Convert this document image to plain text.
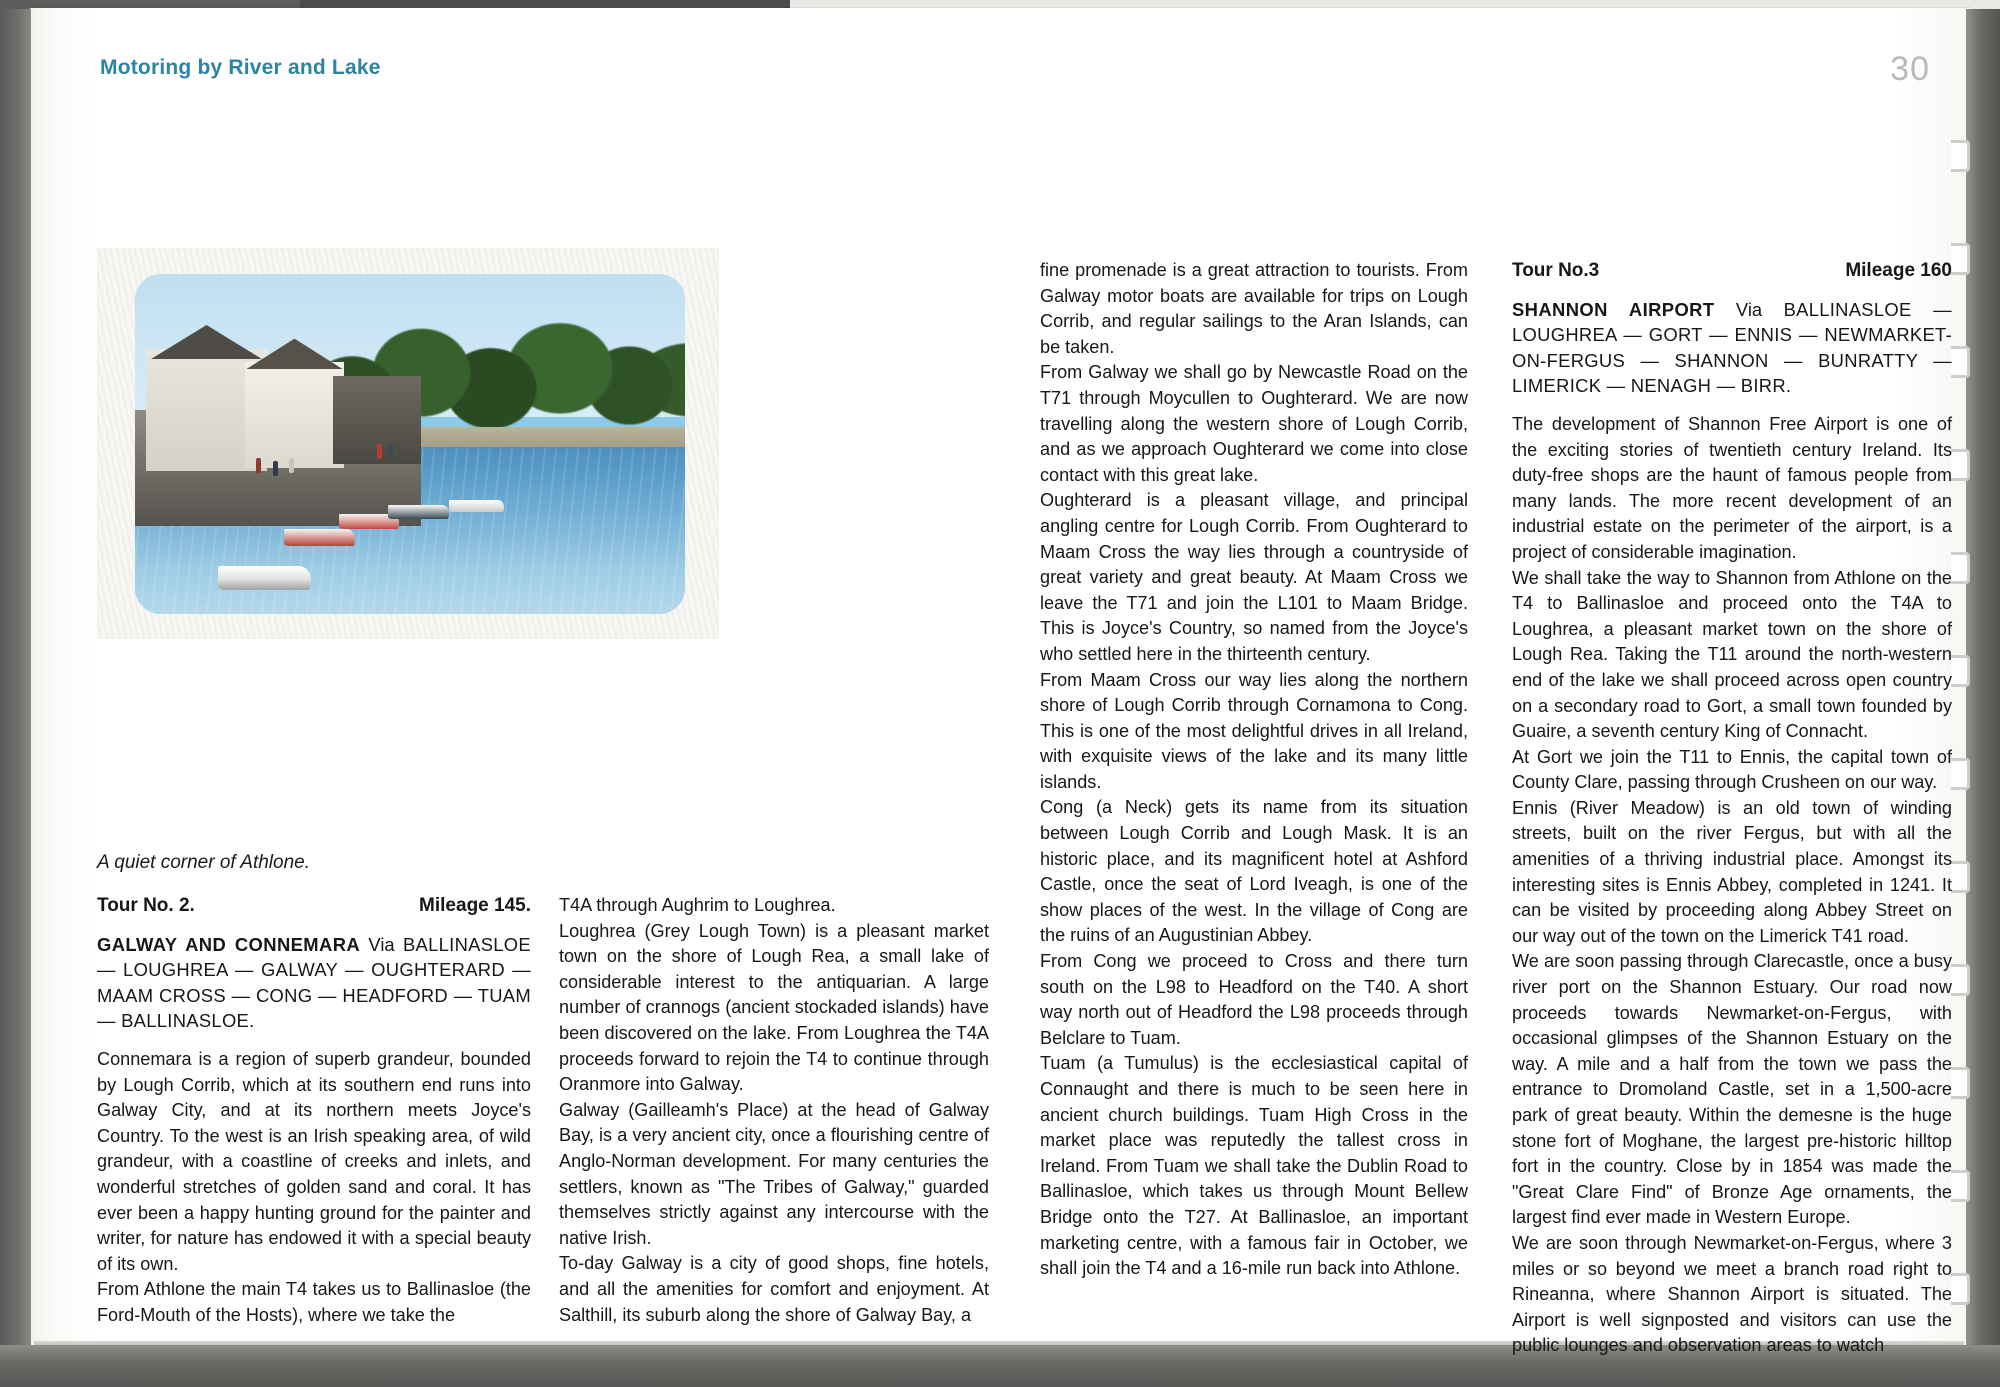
Motoring by River and Lake	30
A quiet corner of Athlone.
Tour No. 2.	Mileage 145.
GALWAY AND CONNEMARA Via BALLINASLOE — LOUGHREA — GALWAY — OUGHTERARD — MAAM CROSS — CONG — HEADFORD — TUAM — BALLINASLOE.

Connemara is a region of superb grandeur, bounded by Lough Corrib, which at its southern end runs into Galway City, and at its northern meets Joyce's Country. To the west is an Irish speaking area, of wild grandeur, with a coastline of creeks and inlets, and wonderful stretches of golden sand and coral. It has ever been a happy hunting ground for the painter and writer, for nature has endowed it with a special beauty of its own.

From Athlone the main T4 takes us to Ballinasloe (the Ford-Mouth of the Hosts), where we take the

T4A through Aughrim to Loughrea.

Loughrea (Grey Lough Town) is a pleasant market town on the shore of Lough Rea, a small lake of considerable interest to the antiquarian. A large number of crannogs (ancient stockaded islands) have been discovered on the lake. From Loughrea the T4A proceeds forward to rejoin the T4 to continue through Oranmore into Galway.

Galway (Gailleamh's Place) at the head of Galway Bay, is a very ancient city, once a flourishing centre of Anglo-Norman development. For many centuries the settlers, known as "The Tribes of Galway," guarded themselves strictly against any intercourse with the native Irish.

To-day Galway is a city of good shops, fine hotels, and all the amenities for comfort and enjoyment. At Salthill, its suburb along the shore of Galway Bay, a

fine promenade is a great attraction to tourists. From Galway motor boats are available for trips on Lough Corrib, and regular sailings to the Aran Islands, can be taken.

From Galway we shall go by Newcastle Road on the T71 through Moycullen to Oughterard. We are now travelling along the western shore of Lough Corrib, and as we approach Oughterard we come into close contact with this great lake.

Oughterard is a pleasant village, and principal angling centre for Lough Corrib. From Oughterard to Maam Cross the way lies through a countryside of great variety and great beauty. At Maam Cross we leave the T71 and join the L101 to Maam Bridge. This is Joyce's Country, so named from the Joyce's who settled here in the thirteenth century.

From Maam Cross our way lies along the northern shore of Lough Corrib through Cornamona to Cong. This is one of the most delightful drives in all Ireland, with exquisite views of the lake and its many little islands.

Cong (a Neck) gets its name from its situation between Lough Corrib and Lough Mask. It is an historic place, and its magnificent hotel at Ashford Castle, once the seat of Lord Iveagh, is one of the show places of the west. In the village of Cong are the ruins of an Augustinian Abbey.

From Cong we proceed to Cross and there turn south on the L98 to Headford on the T40. A short way north out of Headford the L98 proceeds through Belclare to Tuam.

Tuam (a Tumulus) is the ecclesiastical capital of Connaught and there is much to be seen here in ancient church buildings. Tuam High Cross in the market place was reputedly the tallest cross in Ireland. From Tuam we shall take the Dublin Road to Ballinasloe, which takes us through Mount Bellew Bridge onto the T27. At Ballinasloe, an important marketing centre, with a famous fair in October, we shall join the T4 and a 16-mile run back into Athlone.

Tour No.3	Mileage 160
SHANNON AIRPORT Via BALLINASLOE — LOUGHREA — GORT — ENNIS — NEWMARKET-ON-FERGUS — SHANNON — BUNRATTY — LIMERICK — NENAGH — BIRR.

The development of Shannon Free Airport is one of the exciting stories of twentieth century Ireland. Its duty-free shops are the haunt of famous people from many lands. The more recent development of an industrial estate on the perimeter of the airport, is a project of considerable imagination.

We shall take the way to Shannon from Athlone on the T4 to Ballinasloe and proceed onto the T4A to Loughrea, a pleasant market town on the shore of Lough Rea. Taking the T11 around the north-western end of the lake we shall proceed across open country on a secondary road to Gort, a small town founded by Guaire, a seventh century King of Connacht.

At Gort we join the T11 to Ennis, the capital town of County Clare, passing through Crusheen on our way.

Ennis (River Meadow) is an old town of winding streets, built on the river Fergus, but with all the amenities of a thriving industrial place. Amongst its interesting sites is Ennis Abbey, completed in 1241. It can be visited by proceeding along Abbey Street on our way out of the town on the Limerick T41 road.

We are soon passing through Clarecastle, once a busy river port on the Shannon Estuary. Our road now proceeds towards Newmarket-on-Fergus, with occasional glimpses of the Shannon Estuary on the way. A mile and a half from the town we pass the entrance to Dromoland Castle, set in a 1,500-acre park of great beauty. Within the demesne is the huge stone fort of Moghane, the largest pre-historic hilltop fort in the country. Close by in 1854 was made the "Great Clare Find" of Bronze Age ornaments, the largest find ever made in Western Europe.

We are soon through Newmarket-on-Fergus, where 3 miles or so beyond we meet a branch road right to Rineanna, where Shannon Airport is situated. The Airport is well signposted and visitors can use the public lounges and observation areas to watch
